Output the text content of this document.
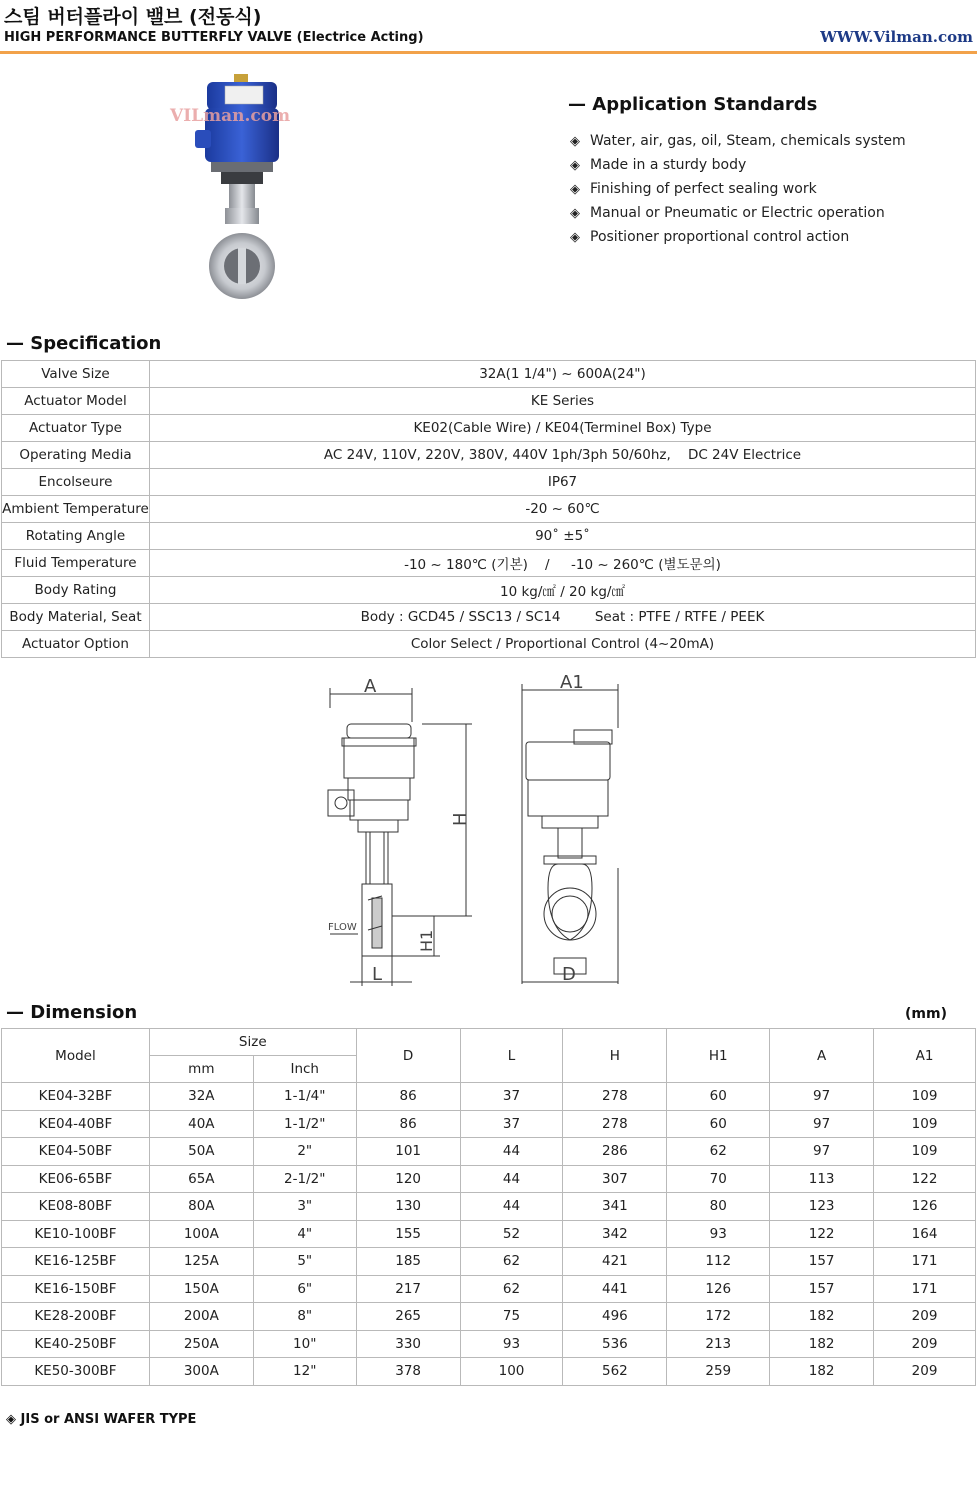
스팀 버터플라이 밸브 (전동식)
HIGH PERFORMANCE BUTTERFLY VALVE (Electrice Acting)	WWW.Vilman.com
VILman.com
— Application Standards
◈ Water, air, gas, oil, Steam, chemicals system
◈ Made in a sturdy body
◈ Finishing of perfect sealing work
◈ Manual or Pneumatic or Electric operation
◈ Positioner proportional control action
— Specification
Valve Size	32A(1 1/4") ~ 600A(24")
Actuator Model	KE Series
Actuator Type	KE02(Cable Wire) / KE04(Terminel Box) Type
Operating Media	AC 24V, 110V, 220V, 380V, 440V 1ph/3ph 50/60hz,    DC 24V Electrice
Encolseure	IP67
Ambient Temperature	-20 ~ 60℃
Rotating Angle	90˚ ±5˚
Fluid Temperature	-10 ~ 180℃ (기본)    /     -10 ~ 260℃ (별도문의)
Body Rating	10 kg/㎠ / 20 kg/㎠
Body Material, Seat	Body : GCD45 / SSC13 / SC14        Seat : PTFE / RTFE / PEEK
Actuator Option	Color Select / Proportional Control (4~20mA)
A
H
H1
FLOW
L
A1
D
— Dimension	(mm)
Model	Size		D	L	H	H1	A	A1
	mm	Inch						
KE04-32BF	32A	1-1/4"	86	37	278	60	97	109
KE04-40BF	40A	1-1/2"	86	37	278	60	97	109
KE04-50BF	50A	2"	101	44	286	62	97	109
KE06-65BF	65A	2-1/2"	120	44	307	70	113	122
KE08-80BF	80A	3"	130	44	341	80	123	126
KE10-100BF	100A	4"	155	52	342	93	122	164
KE16-125BF	125A	5"	185	62	421	112	157	171
KE16-150BF	150A	6"	217	62	441	126	157	171
KE28-200BF	200A	8"	265	75	496	172	182	209
KE40-250BF	250A	10"	330	93	536	213	182	209
KE50-300BF	300A	12"	378	100	562	259	182	209
◈ JIS or ANSI WAFER TYPE
